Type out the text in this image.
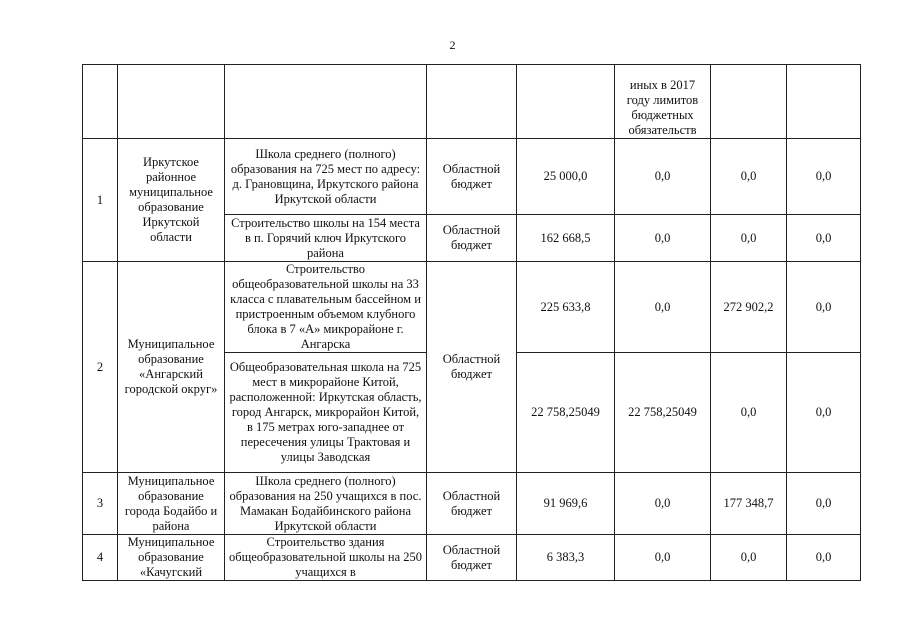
2
					иных в 2017 году лимитов бюджетных обязательств		
1	Иркутское районное муниципальное образование Иркутской области	Школа среднего (полного) образования на 725 мест по адресу: д. Грановщина, Иркутского района Иркутской области	Областной бюджет	25 000,0	0,0	0,0	0,0
		Строительство школы на 154 места в п. Горячий ключ Иркутского района	Областной бюджет	162 668,5	0,0	0,0	0,0
2	Муниципальное образование «Ангарский городской округ»	Строительство общеобразовательной школы на 33 класса с плавательным бассейном и пристроенным объемом клубного блока в 7 «А» микрорайоне г. Ангарска	Областной бюджет	225 633,8	0,0	272 902,2	0,0
		Общеобразовательная школа на 725 мест в микрорайоне Китой, расположенной: Иркутская область, город Ангарск, микрорайон Китой, в 175 метрах юго-западнее от пересечения улицы Трактовая и улицы Заводская		22 758,25049	22 758,25049	0,0	0,0
3	Муниципальное образование города Бодайбо и района	Школа среднего (полного) образования на 250 учащихся в пос. Мамакан Бодайбинского района Иркутской области	Областной бюджет	91 969,6	0,0	177 348,7	0,0
4	Муниципальное образование «Качугский	Строительство здания общеобразовательной школы на 250 учащихся в	Областной бюджет	6 383,3	0,0	0,0	0,0
